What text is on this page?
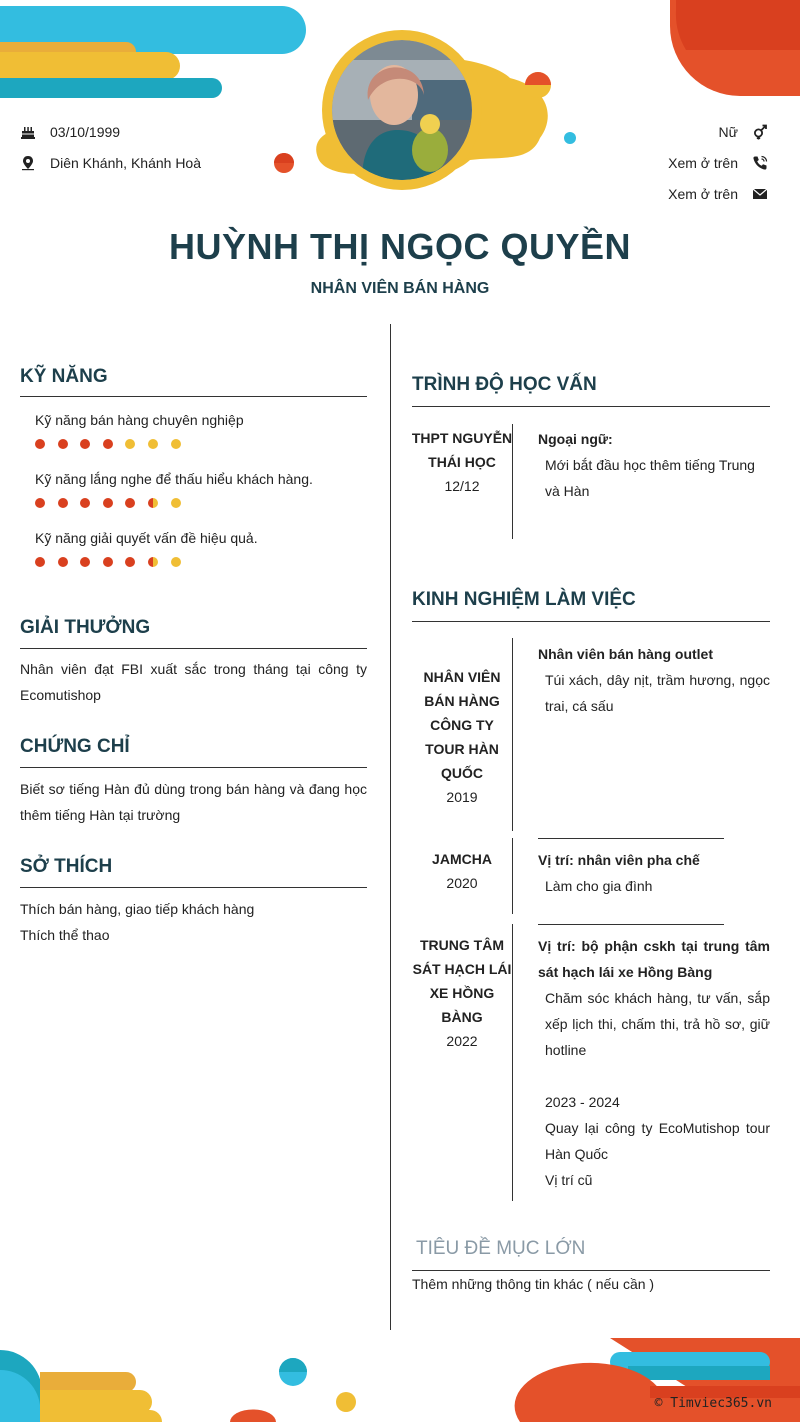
03/10/1999
Diên Khánh, Khánh Hoà
Nữ
Xem ở trên
Xem ở trên
HUỲNH THỊ NGỌC QUYỀN
NHÂN VIÊN BÁN HÀNG
KỸ NĂNG
Kỹ năng bán hàng chuyên nghiệp
Kỹ năng lắng nghe để thấu hiểu khách hàng.
Kỹ năng giải quyết vấn đề hiệu quả.
GIẢI THƯỞNG
Nhân viên đạt FBI xuất sắc trong tháng tại công ty Ecomutishop
CHỨNG CHỈ
Biết sơ tiếng Hàn đủ dùng trong bán hàng và đang học thêm tiếng Hàn tại trường
SỞ THÍCH
Thích bán hàng, giao tiếp khách hàng
Thích thể thao
TRÌNH ĐỘ HỌC VẤN
THPT NGUYỄN THÁI HỌC
12/12
Ngoại ngữ:
Mới bắt đầu học thêm tiếng Trung và Hàn
KINH NGHIỆM LÀM VIỆC
NHÂN VIÊN BÁN HÀNG CÔNG TY TOUR HÀN QUỐC
2019
Nhân viên bán hàng outlet
Túi xách, dây nịt, trầm hương, ngọc trai, cá sấu
JAMCHA
2020
Vị trí: nhân viên pha chế
Làm cho gia đình
TRUNG TÂM SÁT HẠCH LÁI XE HỒNG BÀNG
2022
Vị trí: bộ phận cskh tại trung tâm sát hạch lái xe Hồng Bàng
Chăm sóc khách hàng, tư vấn, sắp xếp lịch thi, chấm thi, trả hồ sơ, giữ hotline
2023 - 2024
Quay lại công ty EcoMutishop tour Hàn Quốc
Vị trí cũ
TIÊU ĐỀ MỤC LỚN
Thêm những thông tin khác ( nếu cần )
© Timviec365.vn
